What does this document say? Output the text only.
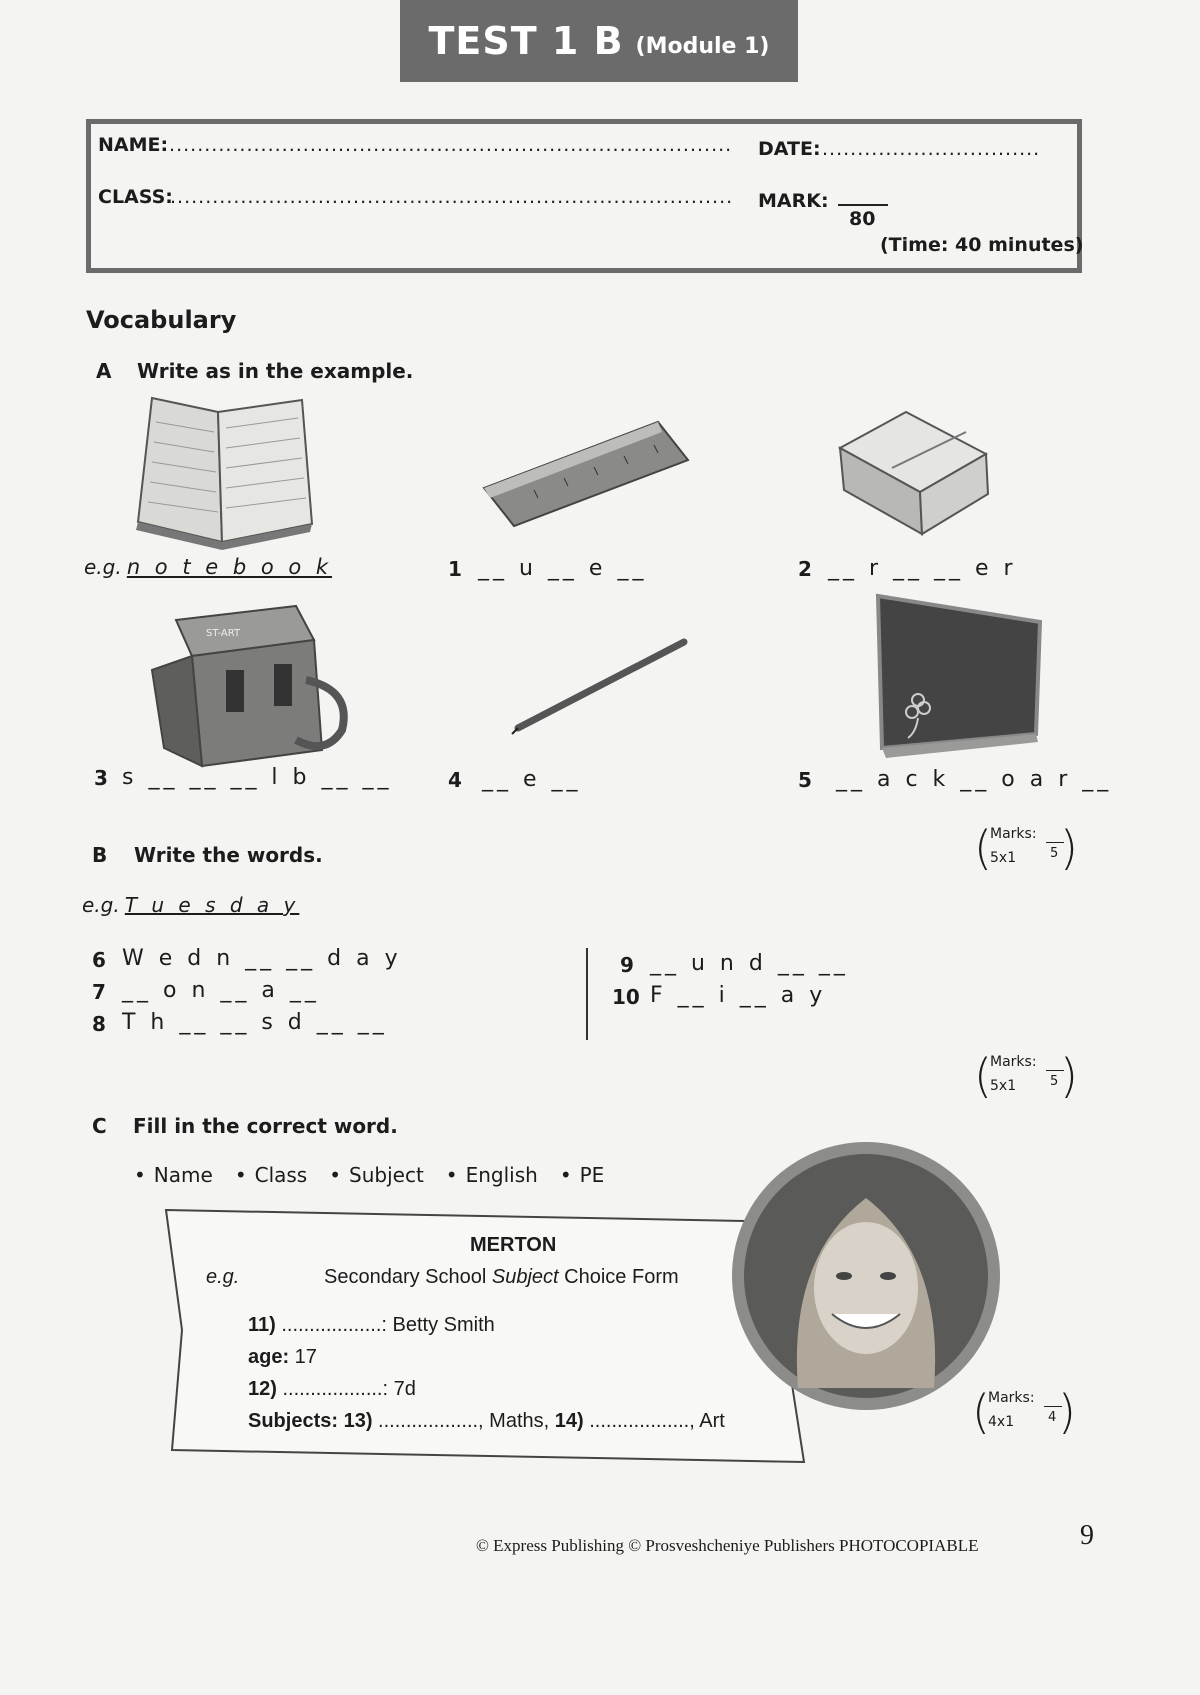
TEST 1 B (Module 1)
NAME:
................................................................................. DATE: ...............................
CLASS:
................................................................................ MARK:
80
(Time: 40 minutes)
Vocabulary
A Write as in the example.
e.g. n o t e b o o k	1 __ u __ e __	2 __ r __ __ e r
ST-ART
3 s __ __ __ l b __ __	4 __ e __	5 __ a c k __ o a r __
(
Marks:
5x1	5 )
B Write the words.
e.g. T u e s d a y
6 W e d n __ __ d a y
7 __ o n __ a __
8 T h __ __ s d __ __
9 __ u n d __ __
10 F __ i __ a y
(
Marks:
5x1	5 )
C Fill in the correct word.
• Name	• Class	• Subject	• English	• PE
MERTON
e.g.	Secondary School Subject Choice Form
11) ..................: Betty Smith
age: 17
12) ..................: 7d
Subjects: 13) .................., Maths, 14) .................., Art	(
Marks:
4x1	4 )
© Express Publishing © Prosveshcheniye Publishers PHOTOCOPIABLE	9
